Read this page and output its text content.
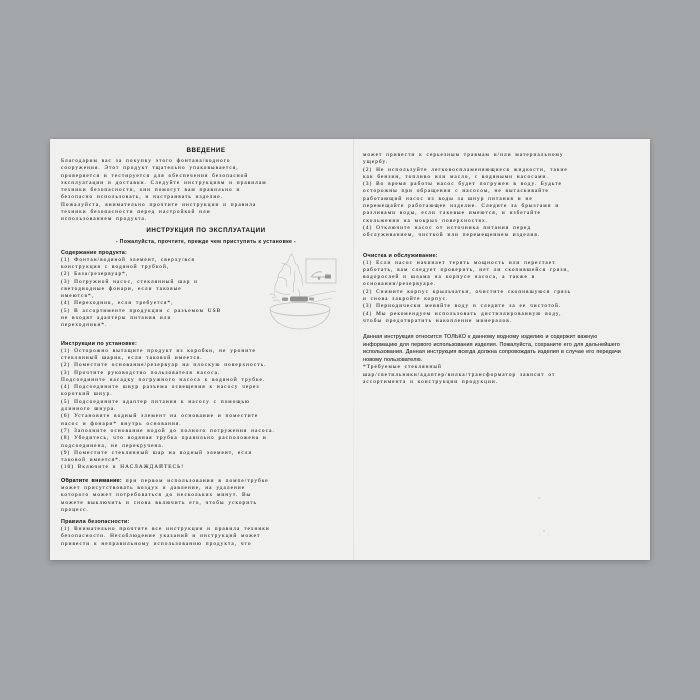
ВВЕДЕНИЕ
Благодарим вас за покупку этого фонтана/водного
сооружения. Этот продукт тщательно упаковывается,
проверяется и тестируется для обеспечения безопасной
эксплуатации и доставки. Следуйте инструкциям и правилам
техники безопасности, они помогут вам правильно и
безопасно использовать, и настраивать изделие.
Пожалуйста, внимательно прочтите инструкции и правила
техники безопасности перед настройкой или
использованием продукта.
ИНСТРУКЦИЯ ПО ЭКСПЛУАТАЦИИ
- Пожалуйста, прочтите, прежде чем приступить к установке -
Содержание продукта:
(1) Фонтан/водяной элемент, сверху/вся
конструкция с водяной трубкой,
(2) База/резервуар*,
(3) Погружной насос, стеклянный шар и
светодиодные фонари, если таковые
имеются*,
(4) Переходник, если требуется*,
(5) В ассортименте продукции с разъемом USB
не входят адаптеры питания или
переходники*.
Инструкции по установке:
(1) Осторожно вытащите продукт из коробки, не уроните
стеклянный шарик, если таковой имеется.
(2) Поместите основание/резервуар на плоскую поверхность.
(3) Прочтите руководство пользователя насоса.
Подсоедините насадку погружного насоса к водяной трубке.
(4) Подсоедините шнур разъема освещения к насосу через
короткий шнур.
(5) Подсоедините адаптер питания к насосу с помощью
длинного шнура.
(6) Установите водный элемент на основание и поместите
насос и фонари* внутрь основания.
(7) Заполните основание водой до полного погружения насоса.
(8) Убедитесь, что водяная трубка правильно расположена и
подсоединена, не перекручена.
(9) Поместите стеклянный шар на водный элемент, если
таковой имеется*.
(10) Включите и НАСЛАЖДАЙТЕСЬ!
Обратите внимание: при первом использовании в помпе/трубке
может присутствовать воздух и давление, на удаление
которого может потребоваться до нескольких минут. Вы
можете выключить и снова включить его, чтобы ускорить
процесс.
Правила безопасности:
(1) Внимательно прочтите все инструкции и правила техники
безопасности. Несоблюдение указаний и инструкций может
привести к неправильному использованию продукта, что
может привести к серьезным травмам и/или материальному
ущербу.
(2) Не используйте легковоспламеняющиеся жидкости, такие
как бензин, топливо или масло, с водяными насосами.
(3) Во время работы насос будет погружен в воду. Будьте
осторожны при обращении с насосом, не вытаскивайте
работающий насос из воды за шнур питания и не
перемещайте работающее изделие. Следите за брызгами и
разливами воды, если таковые имеются, и избегайте
скольжения на мокрых поверхностях.
(4) Отключите насос от источника питания перед
обслуживанием, чисткой или перемещением изделия.
Очистка и обслуживание:
(1) Если насос начинает терять мощность или перестает
работать, вам следует проверить, нет ли скопившейся грязи,
водорослей и шлама на корпусе насоса, а также в
основании/резервуаре.
(2) Снимите корпус крыльчатки, очистите скопившуюся грязь
и снова закройте корпус.
(3) Периодически меняйте воду и следите за ее чистотой.
(4) Мы рекомендуем использовать дистиллированную воду,
чтобы предотвратить накопление минералов.
Данная инструкция относится ТОЛЬКО к данному водному изделию и содержит важную
информацию для первого использования изделия. Пожалуйста, сохраните его для дальнейшего
использования. Данная инструкция всегда должна сопровождать изделия в случае его передачи
новому пользователю.
*Требуемые стеклянный
шар/светильники/адаптер/вилка/трансформатор зависит от
ассортимента и конструкции продукции.
